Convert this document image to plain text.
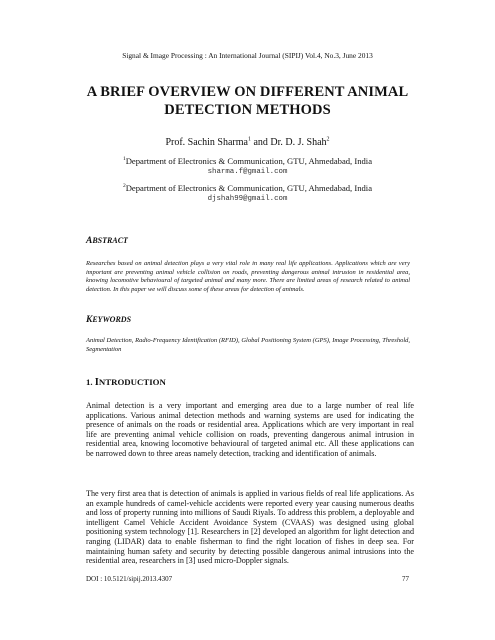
Signal & Image Processing : An International Journal (SIPIJ) Vol.4, No.3, June 2013
A BRIEF OVERVIEW ON DIFFERENT ANIMAL
DETECTION METHODS
Prof. Sachin Sharma$^1$ and Dr. D. J. Shah$^2$
$^1$Department of Electronics & Communication, GTU, Ahmedabad, India
sharma.f@gmail.com
$^2$Department of Electronics & Communication, GTU, Ahmedabad, India
djshah99@gmail.com
ABSTRACT
Researches based on animal detection plays a very vital role in many real life applications. Applications which are very important are preventing animal vehicle collision on roads, preventing dangerous animal intrusion in residential area, knowing locomotive behavioural of targeted animal and many more. There are limited areas of research related to animal detection. In this paper we will discuss some of these areas for detection of animals.
KEYWORDS
Animal Detection, Radio-Frequency Identification (RFID), Global Positioning System (GPS), Image Processing, Threshold, Segmentation
1. INTRODUCTION
Animal detection is a very important and emerging area due to a large number of real life applications. Various animal detection methods and warning systems are used for indicating the presence of animals on the roads or residential area. Applications which are very important in real life are preventing animal vehicle collision on roads, preventing dangerous animal intrusion in residential area, knowing locomotive behavioural of targeted animal etc. All these applications can be narrowed down to three areas namely detection, tracking and identification of animals.
The very first area that is detection of animals is applied in various fields of real life applications. As an example hundreds of camel-vehicle accidents were reported every year causing numerous deaths and loss of property running into millions of Saudi Riyals. To address this problem, a deployable and intelligent Camel Vehicle Accident Avoidance System (CVAAS) was designed using global positioning system technology [1]. Researchers in [2] developed an algorithm for light detection and ranging (LIDAR) data to enable fisherman to find the right location of fishes in deep sea. For maintaining human safety and security by detecting possible dangerous animal intrusions into the residential area, researchers in [3] used micro-Doppler signals.
DOI : 10.5121/sipij.2013.4307	77
